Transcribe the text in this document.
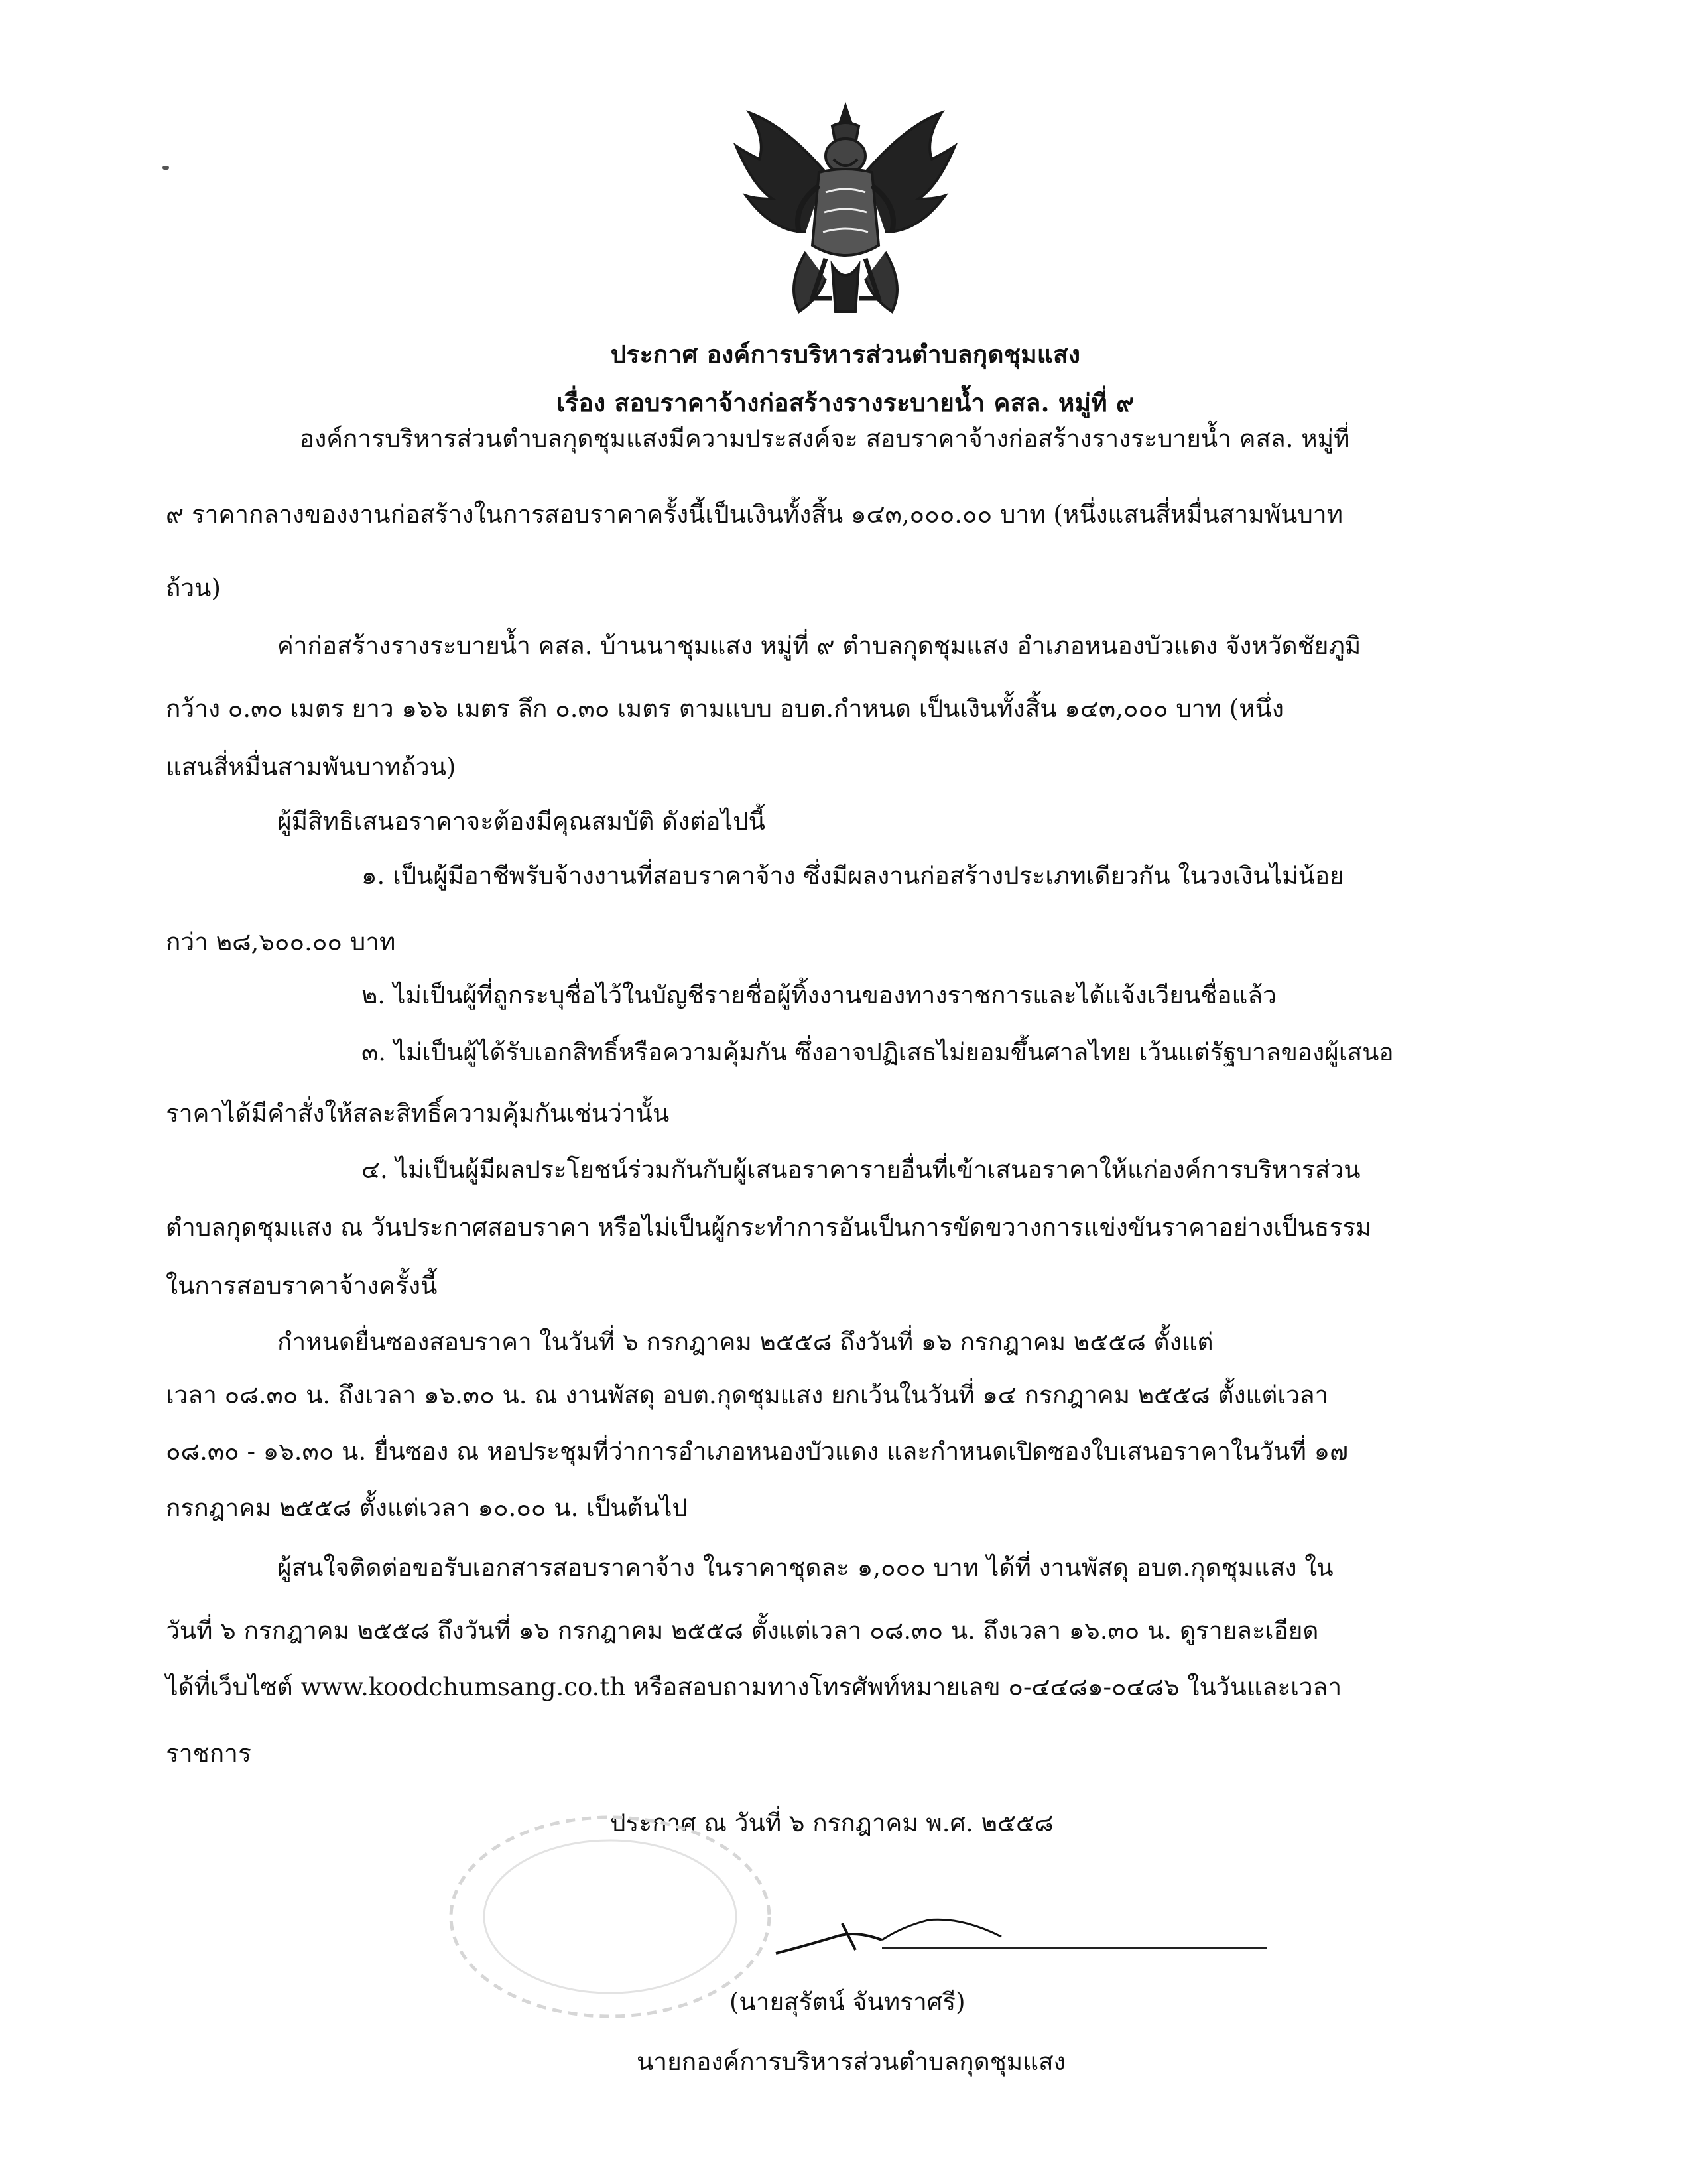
ประกาศ องค์การบริหารส่วนตำบลกุดชุมแสง
เรื่อง สอบราคาจ้างก่อสร้างรางระบายน้ำ คสล. หมู่ที่ ๙
องค์การบริหารส่วนตำบลกุดชุมแสงมีความประสงค์จะ สอบราคาจ้างก่อสร้างรางระบายน้ำ คสล. หมู่ที่
๙ ราคากลางของงานก่อสร้างในการสอบราคาครั้งนี้เป็นเงินทั้งสิ้น ๑๔๓,๐๐๐.๐๐ บาท (หนึ่งแสนสี่หมื่นสามพันบาท
ถ้วน)
ค่าก่อสร้างรางระบายน้ำ คสล. บ้านนาชุมแสง หมู่ที่ ๙ ตำบลกุดชุมแสง อำเภอหนองบัวแดง จังหวัดชัยภูมิ
กว้าง ๐.๓๐ เมตร ยาว ๑๖๖ เมตร ลึก ๐.๓๐ เมตร ตามแบบ อบต.กำหนด เป็นเงินทั้งสิ้น ๑๔๓,๐๐๐ บาท (หนึ่ง
แสนสี่หมื่นสามพันบาทถ้วน)
ผู้มีสิทธิเสนอราคาจะต้องมีคุณสมบัติ ดังต่อไปนี้
๑. เป็นผู้มีอาชีพรับจ้างงานที่สอบราคาจ้าง ซึ่งมีผลงานก่อสร้างประเภทเดียวกัน ในวงเงินไม่น้อย
กว่า ๒๘,๖๐๐.๐๐ บาท
๒. ไม่เป็นผู้ที่ถูกระบุชื่อไว้ในบัญชีรายชื่อผู้ทิ้งงานของทางราชการและได้แจ้งเวียนชื่อแล้ว
๓. ไม่เป็นผู้ได้รับเอกสิทธิ์หรือความคุ้มกัน ซึ่งอาจปฏิเสธไม่ยอมขึ้นศาลไทย เว้นแต่รัฐบาลของผู้เสนอ
ราคาได้มีคำสั่งให้สละสิทธิ์ความคุ้มกันเช่นว่านั้น
๔. ไม่เป็นผู้มีผลประโยชน์ร่วมกันกับผู้เสนอราคารายอื่นที่เข้าเสนอราคาให้แก่องค์การบริหารส่วน
ตำบลกุดชุมแสง ณ วันประกาศสอบราคา หรือไม่เป็นผู้กระทำการอันเป็นการขัดขวางการแข่งขันราคาอย่างเป็นธรรม
ในการสอบราคาจ้างครั้งนี้
กำหนดยื่นซองสอบราคา ในวันที่ ๖ กรกฎาคม ๒๕๕๘ ถึงวันที่ ๑๖ กรกฎาคม ๒๕๕๘ ตั้งแต่
เวลา ๐๘.๓๐ น. ถึงเวลา ๑๖.๓๐ น. ณ งานพัสดุ อบต.กุดชุมแสง ยกเว้นในวันที่ ๑๔ กรกฎาคม ๒๕๕๘ ตั้งแต่เวลา
๐๘.๓๐ - ๑๖.๓๐ น. ยื่นซอง ณ หอประชุมที่ว่าการอำเภอหนองบัวแดง และกำหนดเปิดซองใบเสนอราคาในวันที่ ๑๗
กรกฎาคม ๒๕๕๘ ตั้งแต่เวลา ๑๐.๐๐ น. เป็นต้นไป
ผู้สนใจติดต่อขอรับเอกสารสอบราคาจ้าง ในราคาชุดละ ๑,๐๐๐ บาท ได้ที่ งานพัสดุ อบต.กุดชุมแสง ใน
วันที่ ๖ กรกฎาคม ๒๕๕๘ ถึงวันที่ ๑๖ กรกฎาคม ๒๕๕๘ ตั้งแต่เวลา ๐๘.๓๐ น. ถึงเวลา ๑๖.๓๐ น. ดูรายละเอียด
ได้ที่เว็บไซต์ www.koodchumsang.co.th หรือสอบถามทางโทรศัพท์หมายเลข ๐-๔๔๘๑-๐๔๘๖ ในวันและเวลา
ราชการ
ประกาศ ณ วันที่ ๖ กรกฎาคม พ.ศ. ๒๕๕๘
(นายสุรัตน์ จันทราศรี)
นายกองค์การบริหารส่วนตำบลกุดชุมแสง
